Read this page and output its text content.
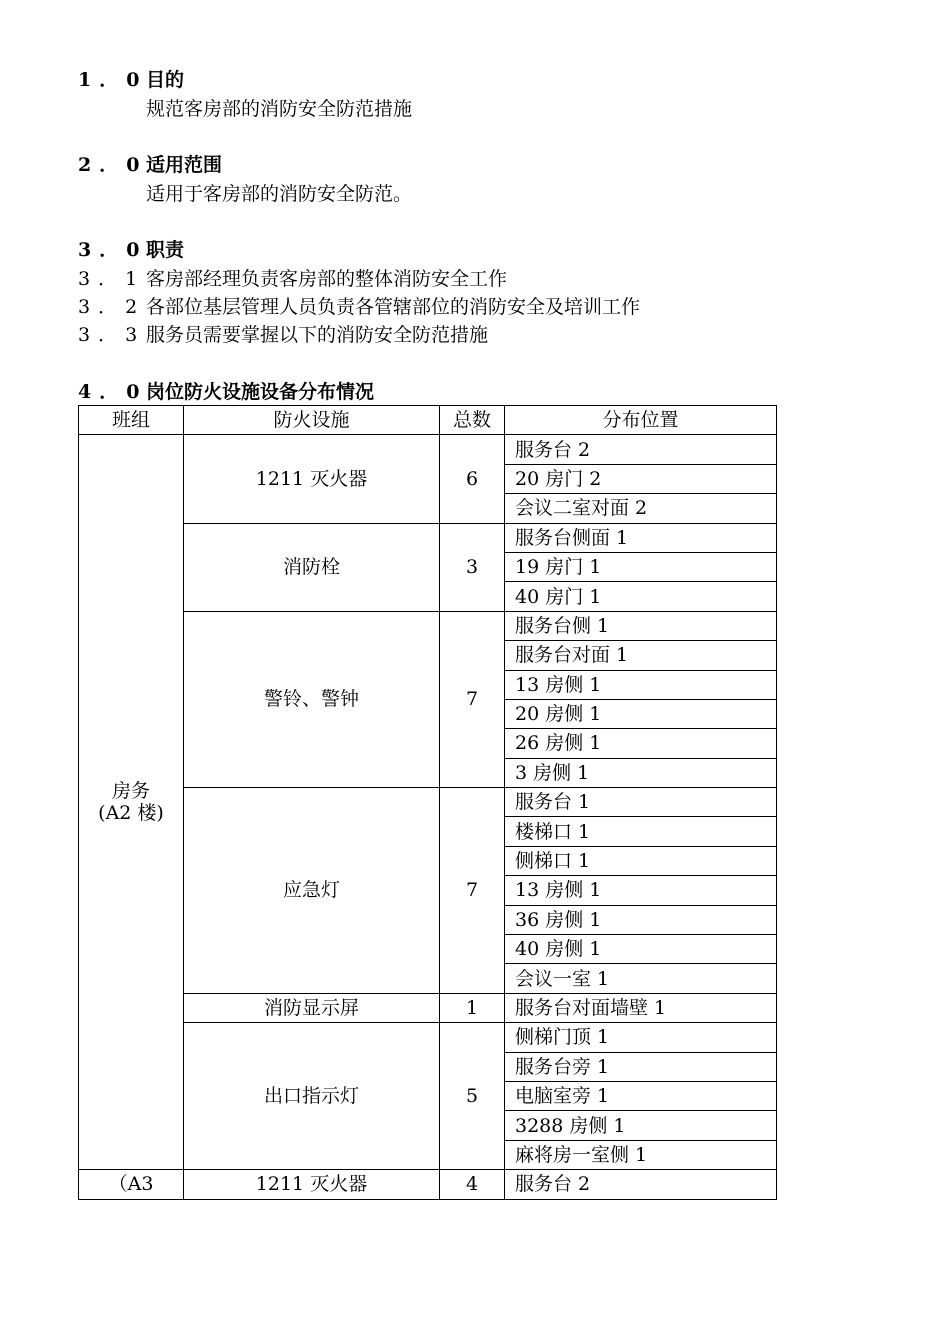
1．0目的
规范客房部的消防安全防范措施
2．0适用范围
适用于客房部的消防安全防范。
3．0职责
3．1客房部经理负责客房部的整体消防安全工作
3．2各部位基层管理人员负责各管辖部位的消防安全及培训工作
3．3服务员需要掌握以下的消防安全防范措施
4．0岗位防火设施设备分布情况
班组	防火设施	总数	分布位置

房务
(A2 楼)	1211 灭火器	6	服务台 2
			20 房门 2
			会议二室对面 2
	消防栓	3	服务台侧面 1
			19 房门 1
			40 房门 1
	警铃、警钟	7	服务台侧 1
			服务台对面 1
			13 房侧 1
			20 房侧 1
			26 房侧 1
			3 房侧 1
	应急灯	7	服务台 1
			楼梯口 1
			侧梯口 1
			13 房侧 1
			36 房侧 1
			40 房侧 1
			会议一室 1
	消防显示屏	1	服务台对面墙壁 1
	出口指示灯	5	侧梯门顶 1
			服务台旁 1
			电脑室旁 1
			3288 房侧 1
			麻将房一室侧 1
（A3	1211 灭火器	4	服务台 2
